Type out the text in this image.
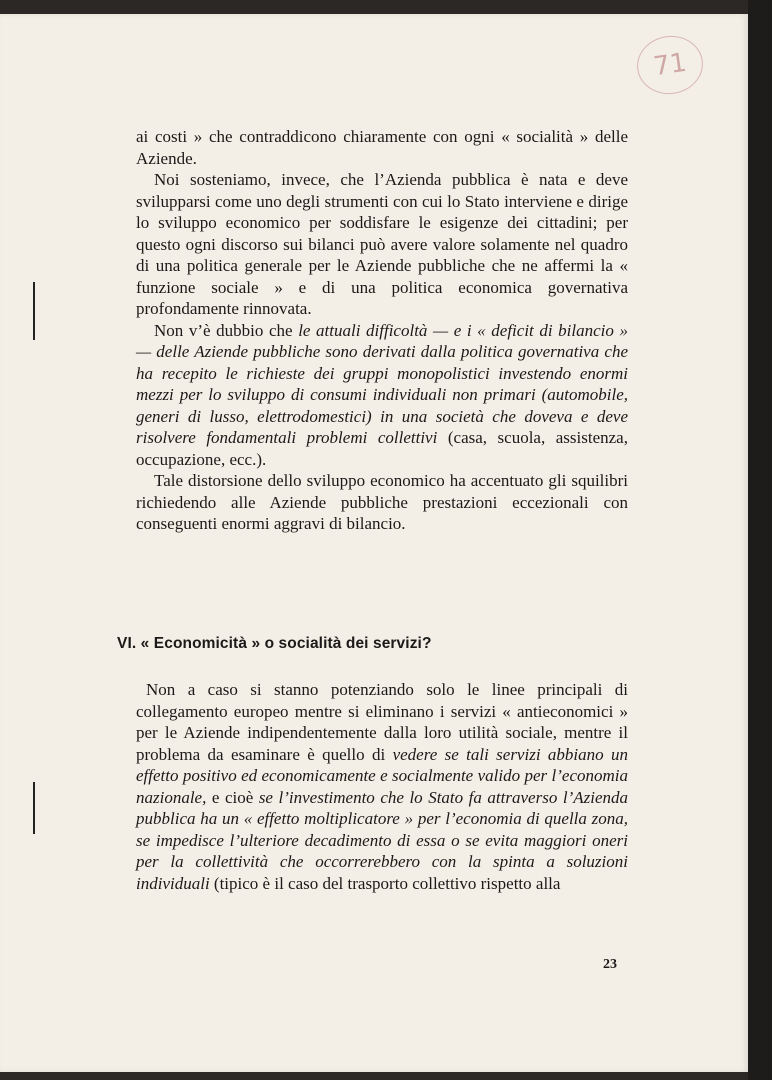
71

ai costi » che contraddicono chiaramente con ogni « socialità » delle Aziende.

Noi sosteniamo, invece, che l’Azienda pubblica è nata e deve svilupparsi come uno degli strumenti con cui lo Stato interviene e dirige lo sviluppo economico per soddisfare le esigenze dei cittadini; per questo ogni discorso sui bilanci può avere valore solamente nel quadro di una politica generale per le Aziende pubbliche che ne affermi la « funzione sociale » e di una politica economica governativa profondamente rinnovata.

Non v’è dubbio che le attuali difficoltà — e i « deficit di bilancio » — delle Aziende pubbliche sono derivati dalla politica governativa che ha recepito le richieste dei gruppi monopolistici investendo enormi mezzi per lo sviluppo di consumi individuali non primari (automobile, generi di lusso, elettrodomestici) in una società che doveva e deve risolvere fondamentali problemi collettivi (casa, scuola, assistenza, occupazione, ecc.).

Tale distorsione dello sviluppo economico ha accentuato gli squilibri richiedendo alle Aziende pubbliche prestazioni eccezionali con conseguenti enormi aggravi di bilancio.

VI. « Economicità » o socialità dei servizi?

Non a caso si stanno potenziando solo le linee principali di collegamento europeo mentre si eliminano i servizi « antieconomici » per le Aziende indipendentemente dalla loro utilità sociale, mentre il problema da esaminare è quello di vedere se tali servizi abbiano un effetto positivo ed economicamente e socialmente valido per l’economia nazionale, e cioè se l’investimento che lo Stato fa attraverso l’Azienda pubblica ha un « effetto moltiplicatore » per l’economia di quella zona, se impedisce l’ulteriore decadimento di essa o se evita maggiori oneri per la collettività che occorrerebbero con la spinta a soluzioni individuali (tipico è il caso del trasporto collettivo rispetto alla

23
